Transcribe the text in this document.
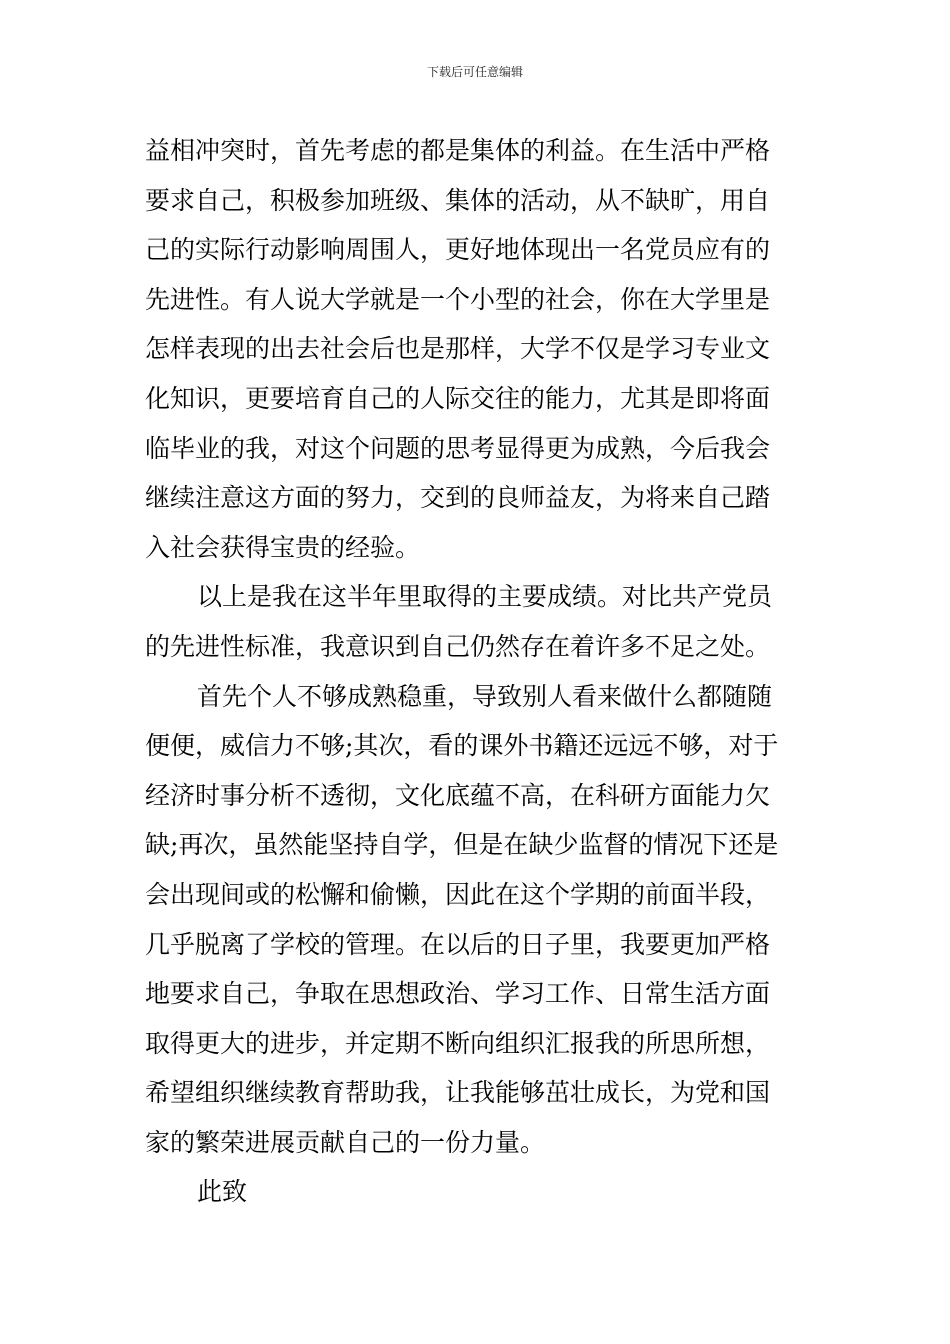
下载后可任意编辑
益相冲突时，首先考虑的都是集体的利益。在生活中严格
要求自己，积极参加班级、集体的活动，从不缺旷，用自
己的实际行动影响周围人，更好地体现出一名党员应有的
先进性。有人说大学就是一个小型的社会，你在大学里是
怎样表现的出去社会后也是那样，大学不仅是学习专业文
化知识，更要培育自己的人际交往的能力，尤其是即将面
临毕业的我，对这个问题的思考显得更为成熟，今后我会
继续注意这方面的努力，交到的良师益友，为将来自己踏
入社会获得宝贵的经验。
以上是我在这半年里取得的主要成绩。对比共产党员
的先进性标准，我意识到自己仍然存在着许多不足之处。
首先个人不够成熟稳重，导致别人看来做什么都随随
便便，威信力不够;其次，看的课外书籍还远远不够，对于
经济时事分析不透彻，文化底蕴不高，在科研方面能力欠
缺;再次，虽然能坚持自学，但是在缺少监督的情况下还是
会出现间或的松懈和偷懒，因此在这个学期的前面半段，
几乎脱离了学校的管理。在以后的日子里，我要更加严格
地要求自己，争取在思想政治、学习工作、日常生活方面
取得更大的进步，并定期不断向组织汇报我的所思所想，
希望组织继续教育帮助我，让我能够茁壮成长，为党和国
家的繁荣进展贡献自己的一份力量。
此致
